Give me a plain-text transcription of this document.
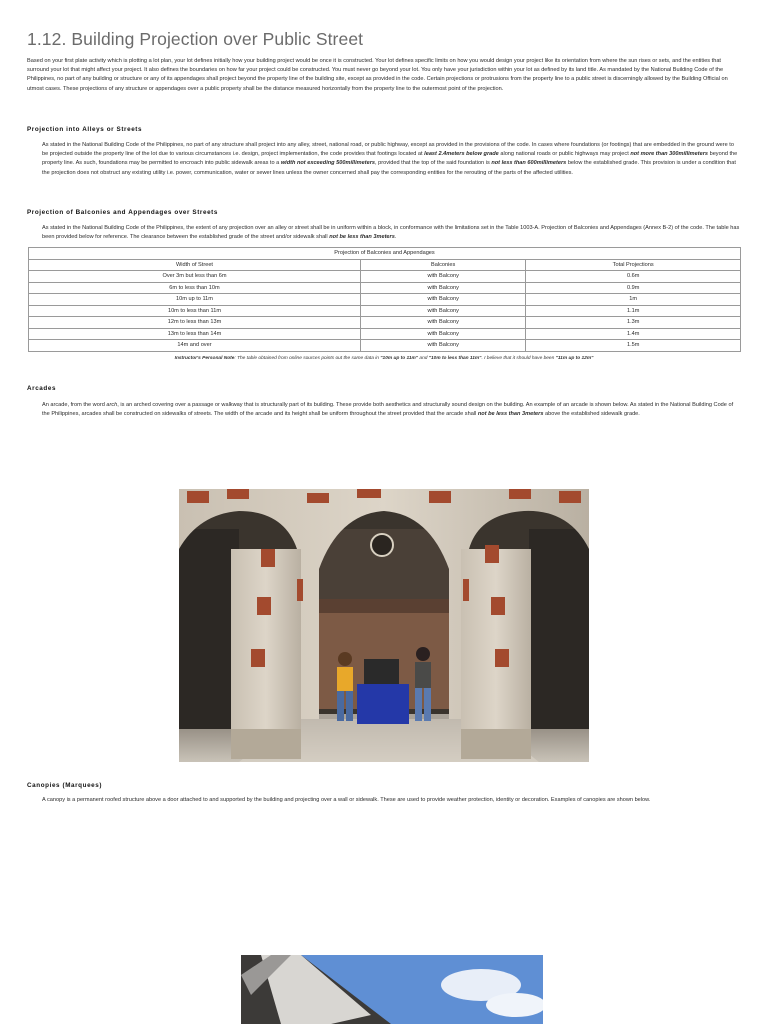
1.12. Building Projection over Public Street

Based on your first plate activity which is plotting a lot plan, your lot defines initially how your building project would be once it is constructed. Your lot defines specific limits on how you would design your project like its orientation from where the sun rises or sets, and the entities that surround your lot that might affect your project. It also defines the boundaries on how far your project could be constructed. You must never go beyond your lot. You only have your jurisdiction within your lot as defined by its land title. As mandated by the National Building Code of the Philippines, no part of any building or structure or any of its appendages shall project beyond the property line of the building site, except as provided in the code. Certain projections or protrusions from the property line to a public street is discerningly allowed by the Building Official on utmost cases. These projections of any structure or appendages over a public property shall be the distance measured horizontally from the property line to the outermost point of the projection.

Projection into Alleys or Streets

As stated in the National Building Code of the Philippines, no part of any structure shall project into any alley, street, national road, or public highway, except as provided in the provisions of the code. In cases where foundations (or footings) that are embedded in the ground were to be projected outside the property line of the lot due to various circumstances i.e. design, project implementation, the code provides that footings located at least 2.4meters below grade along national roads or public highways may project not more than 300millimeters beyond the property line. As such, foundations may be permitted to encroach into public sidewalk areas to a width not exceeding 500millimeters, provided that the top of the said foundation is not less than 600millimeters below the established grade. This provision is under a condition that the projection does not obstruct any existing utility i.e. power, communication, water or sewer lines unless the owner concerned shall pay the corresponding entities for the rerouting of the parts of the affected utilities.

Projection of Balconies and Appendages over Streets

As stated in the National Building Code of the Philippines, the extent of any projection over an alley or street shall be in uniform within a block, in conformance with the limitations set in the Table 1003-A. Projection of Balconies and Appendages (Annex B-2) of the code. The table has been provided below for reference. The clearance between the established grade of the street and/or sidewalk shall not be less than 3meters.

Projection of Balconies and Appendages		
Width of Street	Balconies	Total Projections
Over 3m but less than 6m	with Balcony	0.6m
6m to less than 10m	with Balcony	0.9m
10m up to 11m	with Balcony	1m
10m to less than 11m	with Balcony	1.1m
12m to less than 13m	with Balcony	1.3m
13m to less than 14m	with Balcony	1.4m
14m and over	with Balcony	1.5m
Instructor's Personal Note: The table obtained from online sources points out the same data in "10m up to 11m" and "10m to less than 11m". I believe that it should have been "11m up to 12m"
Arcades

An arcade, from the word arch, is an arched covering over a passage or walkway that is structurally part of its building. These provide both aesthetics and structurally sound design on the building. An example of an arcade is shown below. As stated in the National Building Code of the Philippines, arcades shall be constructed on sidewalks of streets. The width of the arcade and its height shall be uniform throughout the street provided that the arcade shall not be less than 3meters above the established sidewalk grade.

Canopies (Marquees)

A canopy is a permanent roofed structure above a door attached to and supported by the building and projecting over a wall or sidewalk. These are used to provide weather protection, identity or decoration. Examples of canopies are shown below.
